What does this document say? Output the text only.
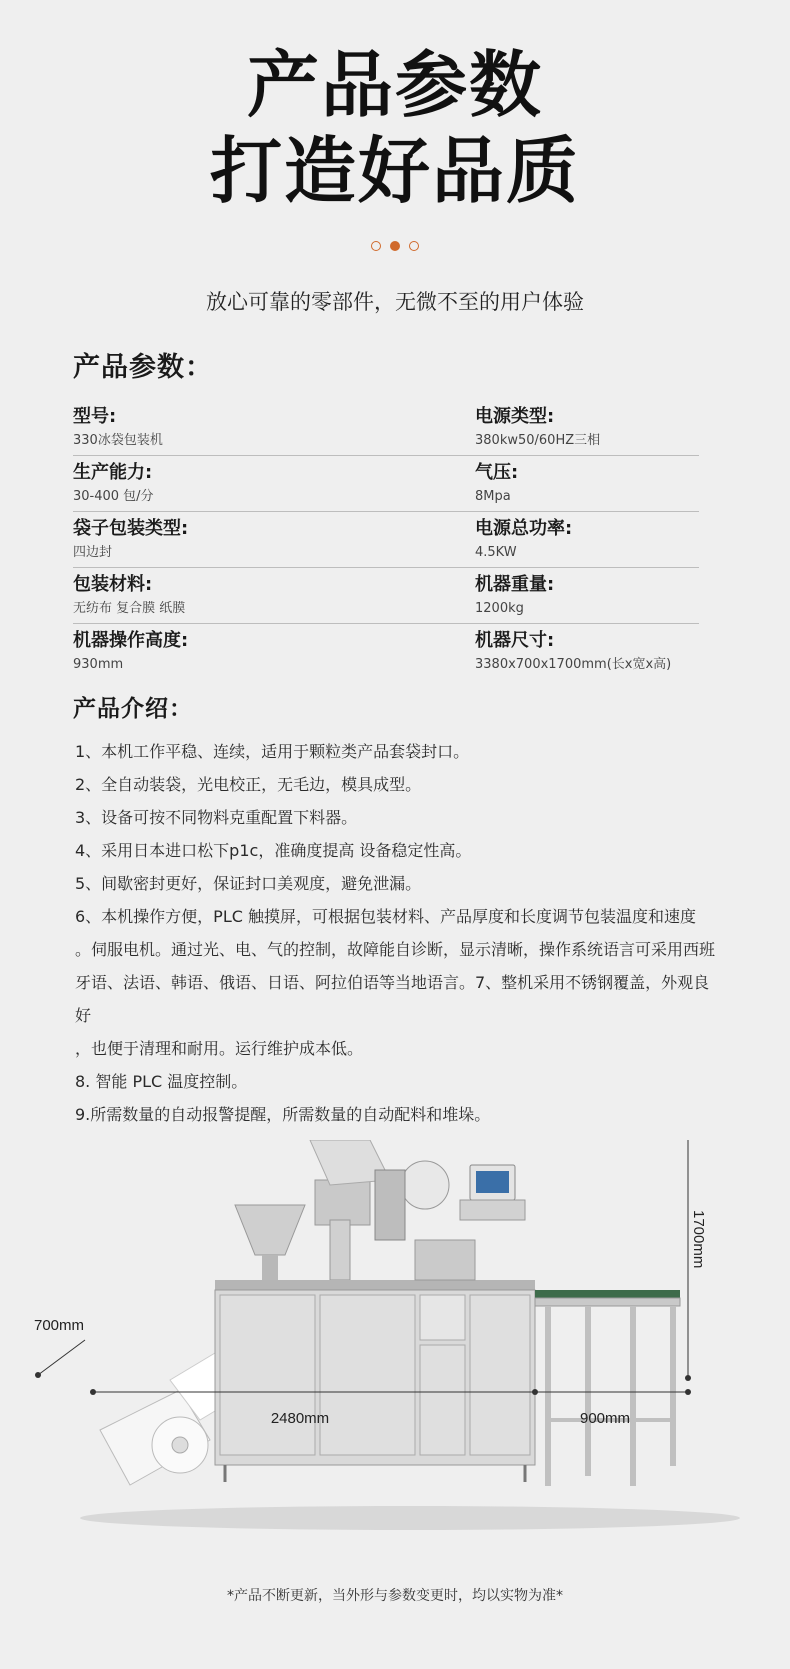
产品参数
打造好品质
放心可靠的零部件，无微不至的用户体验
产品参数：
型号:
330冰袋包装机
电源类型:
380kw50/60HZ三相
生产能力:
30-400 包/分
气压:
8Mpa
袋子包装类型:
四边封
电源总功率:
4.5KW
包装材料:
无纺布 复合膜 纸膜
机器重量:
1200kg
机器操作高度:
930mm
机器尺寸:
3380x700x1700mm(长x宽x高)
产品介绍：

1、本机工作平稳、连续，适用于颗粒类产品套袋封口。

2、全自动装袋，光电校正，无毛边，模具成型。

3、设备可按不同物料克重配置下料器。

4、采用日本进口松下p1c，准确度提高 设备稳定性高。

5、间歇密封更好，保证封口美观度，避免泄漏。

6、本机操作方便，PLC 触摸屏，可根据包装材料、产品厚度和长度调节包装温度和速度

。伺服电机。通过光、电、气的控制，故障能自诊断，显示清晰，操作系统语言可采用西班

牙语、法语、韩语、俄语、日语、阿拉伯语等当地语言。7、整机采用不锈钢覆盖，外观良好

，也便于清理和耐用。运行维护成本低。

8. 智能 PLC 温度控制。

9.所需数量的自动报警提醒，所需数量的自动配料和堆垛。

1700mm
2480mm	900mm
700mm
*产品不断更新，当外形与参数变更时，均以实物为准*
